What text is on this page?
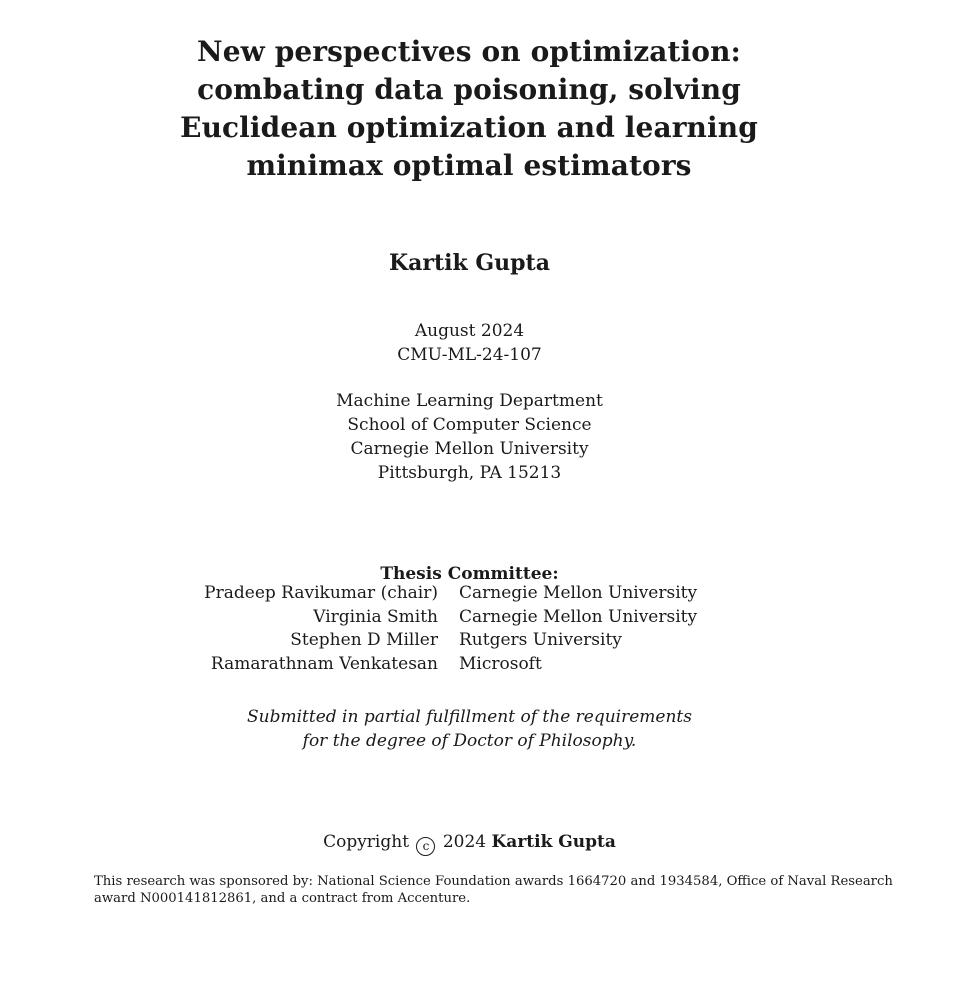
New perspectives on optimization:
combating data poisoning, solving
Euclidean optimization and learning
minimax optimal estimators
Kartik Gupta
August 2024
CMU-ML-24-107
Machine Learning Department
School of Computer Science
Carnegie Mellon University
Pittsburgh, PA 15213
Thesis Committee:
Pradeep Ravikumar (chair)	Carnegie Mellon University
Virginia Smith	Carnegie Mellon University
Stephen D Miller	Rutgers University
Ramarathnam Venkatesan	Microsoft
Submitted in partial fulfillment of the requirements
for the degree of Doctor of Philosophy.
Copyright c 2024 Kartik Gupta
This research was sponsored by: National Science Foundation awards 1664720 and 1934584, Office of Naval Research
award N000141812861, and a contract from Accenture.
